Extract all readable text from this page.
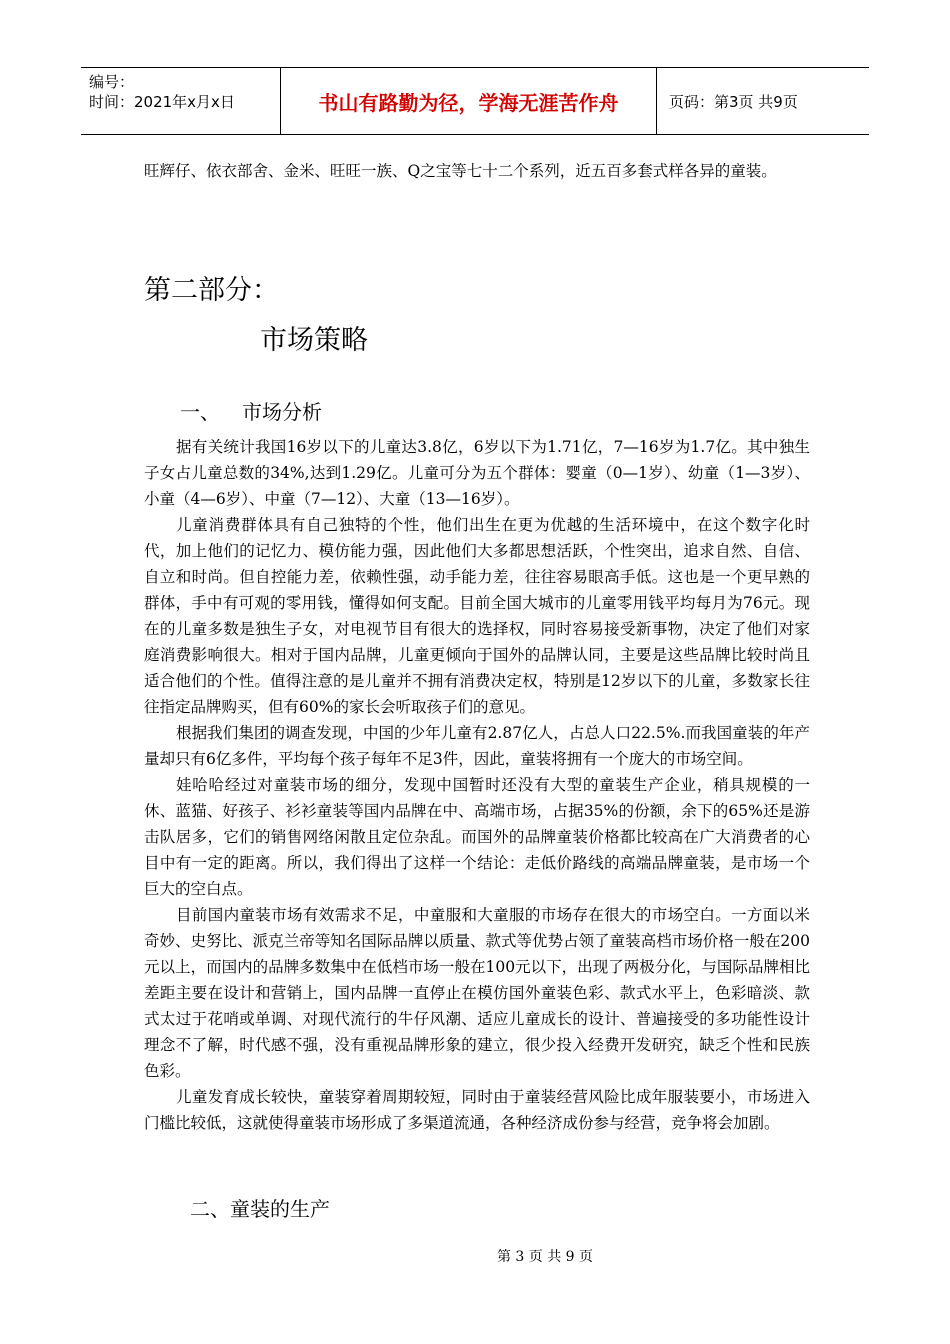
编号：
时间：2021年x月x日	书山有路勤为径，学海无涯苦作舟	页码：第3页 共9页

旺辉仔、依衣部舍、金米、旺旺一族、Q之宝等七十二个系列，近五百多套式样各异的童装。

第二部分：
市场策略
一、 市场分析

据有关统计我国16岁以下的儿童达3.8亿，6岁以下为1.71亿，7—16岁为1.7亿。其中独生子女占儿童总数的34%,达到1.29亿。儿童可分为五个群体：婴童（0—1岁）、幼童（1—3岁）、小童（4—6岁）、中童（7—12）、大童（13—16岁）。

儿童消费群体具有自己独特的个性，他们出生在更为优越的生活环境中，在这个数字化时代，加上他们的记忆力、模仿能力强，因此他们大多都思想活跃，个性突出，追求自然、自信、自立和时尚。但自控能力差，依赖性强，动手能力差，往往容易眼高手低。这也是一个更早熟的群体，手中有可观的零用钱，懂得如何支配。目前全国大城市的儿童零用钱平均每月为76元。现在的儿童多数是独生子女，对电视节目有很大的选择权，同时容易接受新事物，决定了他们对家庭消费影响很大。相对于国内品牌，儿童更倾向于国外的品牌认同，主要是这些品牌比较时尚且适合他们的个性。值得注意的是儿童并不拥有消费决定权，特别是12岁以下的儿童，多数家长往往指定品牌购买，但有60%的家长会听取孩子们的意见。

根据我们集团的调查发现，中国的少年儿童有2.87亿人，占总人口22.5%.而我国童装的年产量却只有6亿多件，平均每个孩子每年不足3件，因此，童装将拥有一个庞大的市场空间。

娃哈哈经过对童装市场的细分，发现中国暂时还没有大型的童装生产企业，稍具规模的一休、蓝猫、好孩子、衫衫童装等国内品牌在中、高端市场，占据35%的份额，余下的65%还是游击队居多，它们的销售网络闲散且定位杂乱。而国外的品牌童装价格都比较高在广大消费者的心目中有一定的距离。所以，我们得出了这样一个结论：走低价路线的高端品牌童装，是市场一个巨大的空白点。

目前国内童装市场有效需求不足，中童服和大童服的市场存在很大的市场空白。一方面以米奇妙、史努比、派克兰帝等知名国际品牌以质量、款式等优势占领了童装高档市场价格一般在200元以上，而国内的品牌多数集中在低档市场一般在100元以下，出现了两极分化，与国际品牌相比差距主要在设计和营销上，国内品牌一直停止在模仿国外童装色彩、款式水平上，色彩暗淡、款式太过于花哨或单调、对现代流行的牛仔风潮、适应儿童成长的设计、普遍接受的多功能性设计理念不了解，时代感不强，没有重视品牌形象的建立，很少投入经费开发研究，缺乏个性和民族色彩。

儿童发育成长较快，童装穿着周期较短，同时由于童装经营风险比成年服装要小，市场进入门槛比较低，这就使得童装市场形成了多渠道流通，各种经济成份参与经营，竞争将会加剧。

二、童装的生产
第 3 页 共 9 页
